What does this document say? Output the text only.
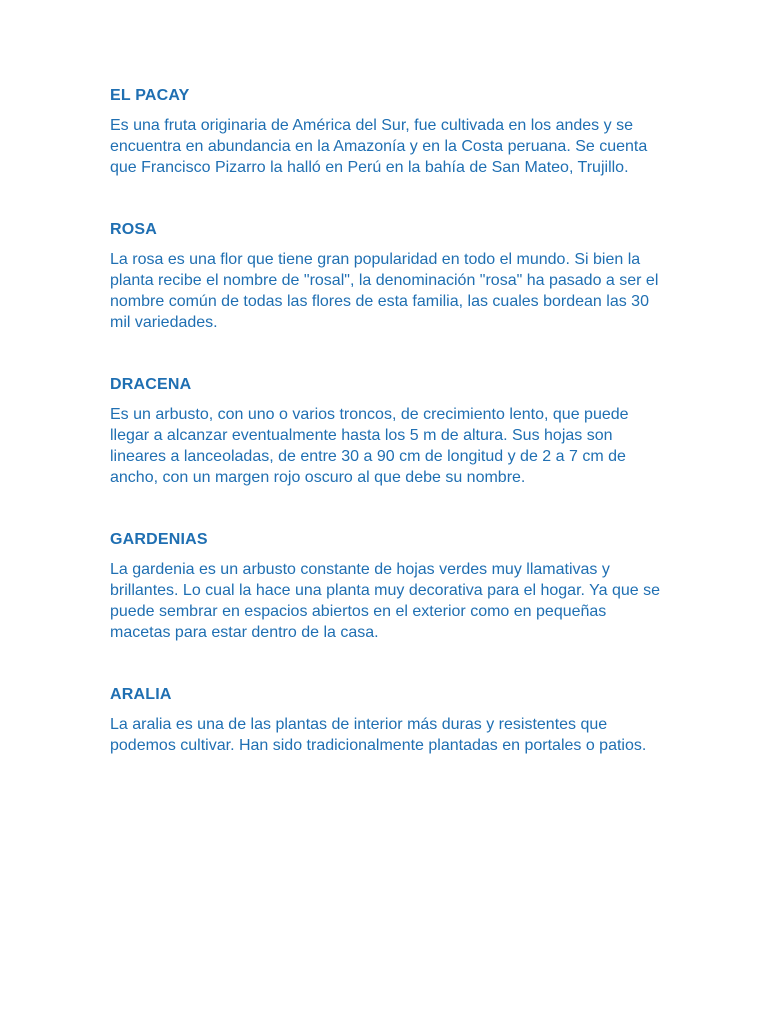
EL PACAY

Es una fruta originaria de América del Sur, fue cultivada en los andes y se encuentra en abundancia en la Amazonía y en la Costa peruana. Se cuenta que Francisco Pizarro la halló en Perú en la bahía de San Mateo, Trujillo.

ROSA

La rosa es una flor que tiene gran popularidad en todo el mundo. Si bien la planta recibe el nombre de "rosal", la denominación "rosa" ha pasado a ser el nombre común de todas las flores de esta familia, las cuales bordean las 30 mil variedades.

DRACENA

Es un arbusto, con uno o varios troncos, de crecimiento lento, que puede llegar a alcanzar eventualmente hasta los 5 m de altura. Sus hojas son lineares a lanceoladas, de entre 30 a 90 cm de longitud y de 2 a 7 cm de ancho, con un margen rojo oscuro al que debe su nombre.

GARDENIAS

La gardenia es un arbusto constante de hojas verdes muy llamativas y brillantes. Lo cual la hace una planta muy decorativa para el hogar. Ya que se puede sembrar en espacios abiertos en el exterior como en pequeñas macetas para estar dentro de la casa.

ARALIA

La aralia es una de las plantas de interior más duras y resistentes que podemos cultivar. Han sido tradicionalmente plantadas en portales o patios.
